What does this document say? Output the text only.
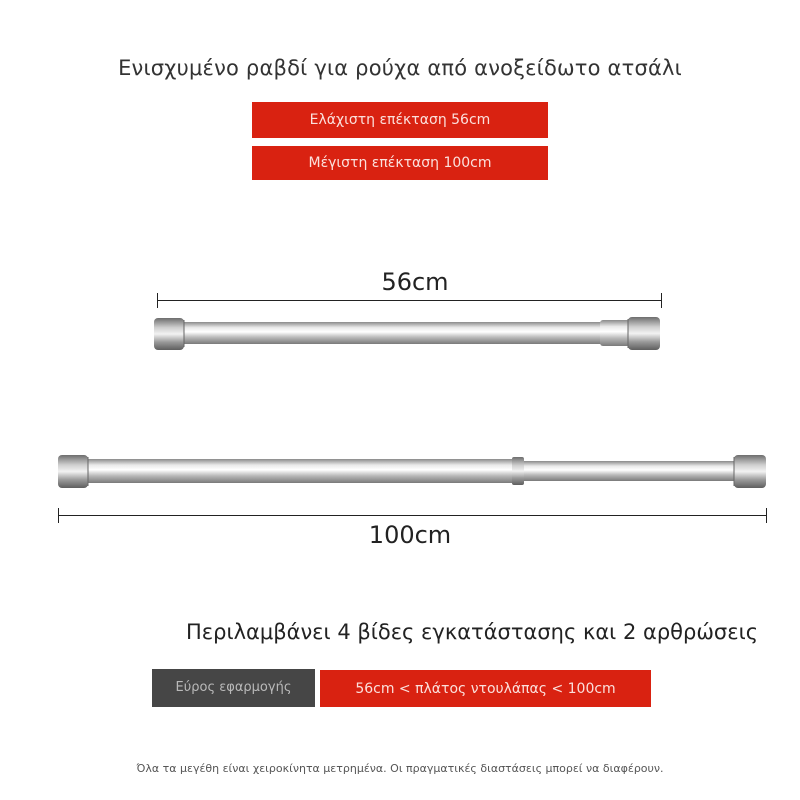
Ενισχυμένο ραβδί για ρούχα από ανοξείδωτο ατσάλι
Ελάχιστη επέκταση 56cm
Μέγιστη επέκταση 100cm
56cm
100cm
Περιλαμβάνει 4 βίδες εγκατάστασης και 2 αρθρώσεις
Εύρος εφαρμογής	56cm < πλάτος ντουλάπας < 100cm
Όλα τα μεγέθη είναι χειροκίνητα μετρημένα. Οι πραγματικές διαστάσεις μπορεί να διαφέρουν.
